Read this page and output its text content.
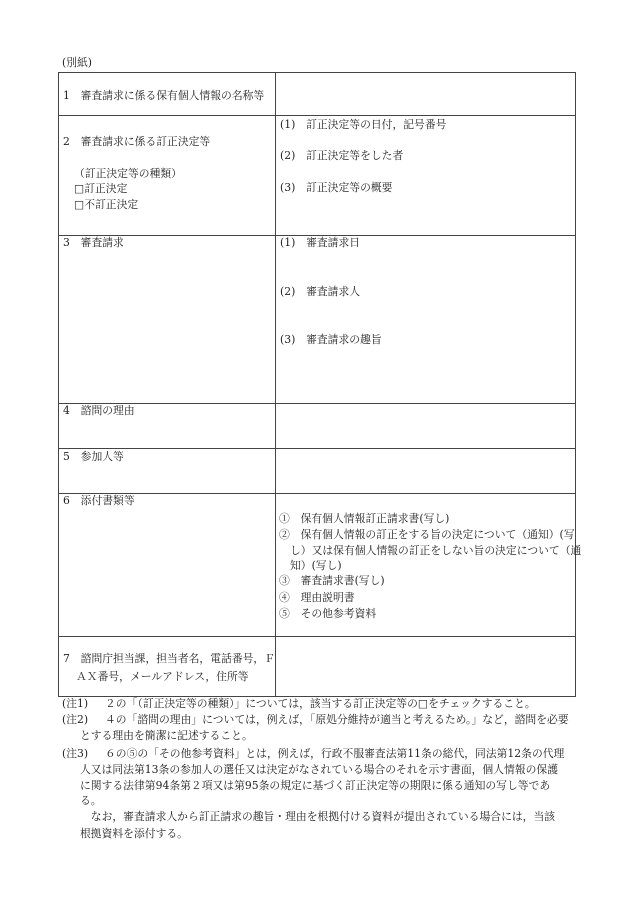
(別紙)
1　審査請求に係る保有個人情報の名称等
2　審査請求に係る訂正決定等
（訂正決定等の種類）
□訂正決定
□不訂正決定
(1)　訂正決定等の日付，記号番号
(2)　訂正決定等をした者
(3)　訂正決定等の概要
3　審査請求	(1)　審査請求日
(2)　審査請求人
(3)　審査請求の趣旨
4　諮問の理由
5　参加人等
6　添付書類等
①　保有個人情報訂正請求書(写し)
②　保有個人情報の訂正をする旨の決定について（通知）(写
し）又は保有個人情報の訂正をしない旨の決定について（通
知）(写し)
③　審査請求書(写し)
④　理由説明書
⑤　その他参考資料
7　諮問庁担当課，担当者名，電話番号，Ｆ
ＡＸ番号，メールアドレス，住所等
(注1) ２の「（訂正決定等の種類）」については，該当する訂正決定等の□をチェックすること。
(注2) ４の「諮問の理由」については，例えば，「原処分維持が適当と考えるため。」など，諮問を必要
とする理由を簡潔に記述すること。
(注3) ６の⑤の「その他参考資料」とは，例えば，行政不服審査法第11条の総代，同法第12条の代理
人又は同法第13条の参加人の選任又は決定がなされている場合のそれを示す書面，個人情報の保護
に関する法律第94条第２項又は第95条の規定に基づく訂正決定等の期限に係る通知の写し等であ
る。
　なお，審査請求人から訂正請求の趣旨・理由を根拠付ける資料が提出されている場合には，当該
根拠資料を添付する。
